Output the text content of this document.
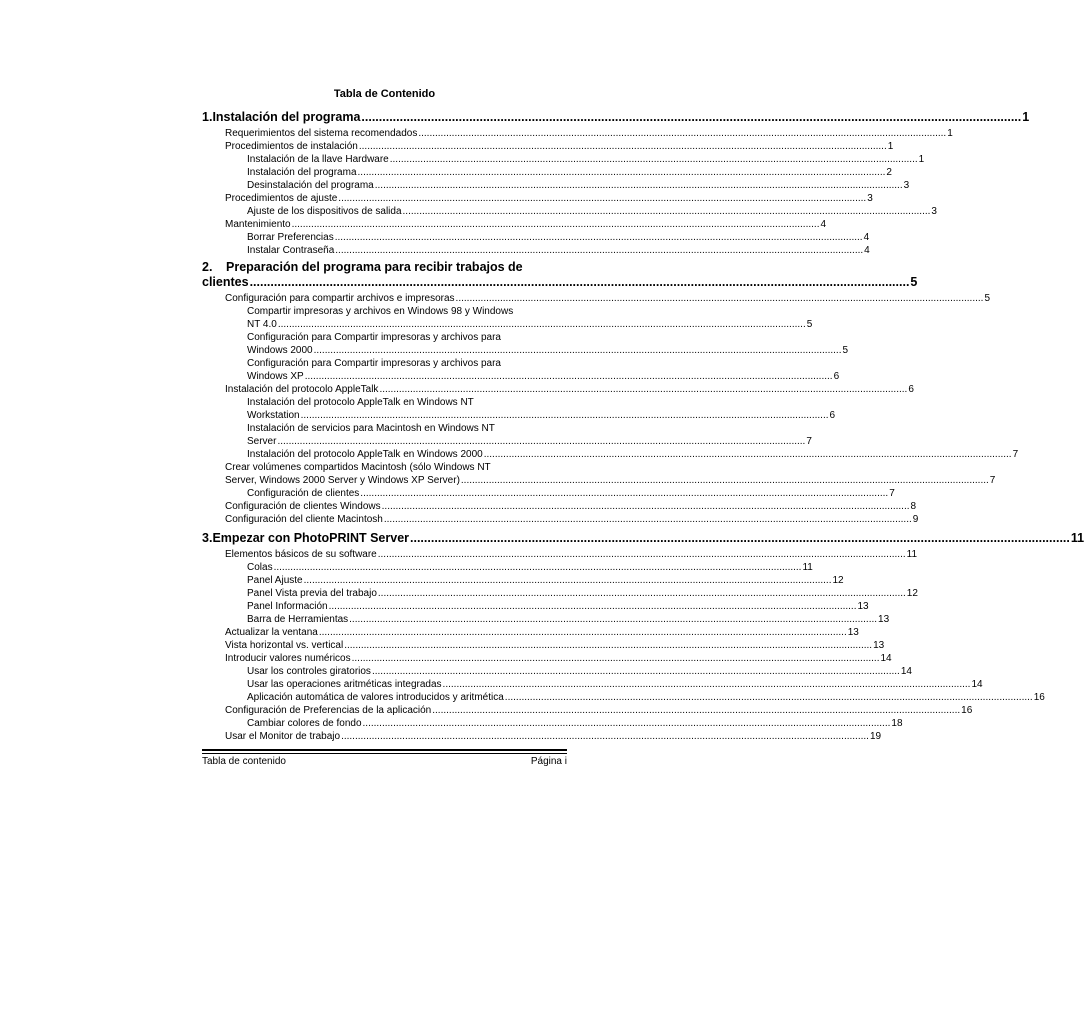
Tabla de Contenido
1. Instalación del programa .............................................................................................................................................................................................. 1
Requerimientos del sistema recomendados .............................................................................................................................................................................................. 1
Procedimientos de instalación .............................................................................................................................................................................................. 1
Instalación de la llave Hardware .............................................................................................................................................................................................. 1
Instalación del programa .............................................................................................................................................................................................. 2
Desinstalación del programa .............................................................................................................................................................................................. 3
Procedimientos de ajuste .............................................................................................................................................................................................. 3
Ajuste de los dispositivos de salida .............................................................................................................................................................................................. 3
Mantenimiento .............................................................................................................................................................................................. 4
Borrar Preferencias .............................................................................................................................................................................................. 4
Instalar Contraseña .............................................................................................................................................................................................. 4
2. Preparación del programa para recibir trabajos de
clientes .............................................................................................................................................................................................. 5
Configuración para compartir archivos e impresoras .............................................................................................................................................................................................. 5
Compartir impresoras y archivos en Windows 98 y Windows
NT 4.0 .............................................................................................................................................................................................. 5
Configuración para Compartir impresoras y archivos para
Windows 2000 .............................................................................................................................................................................................. 5
Configuración para Compartir impresoras y archivos para
Windows XP .............................................................................................................................................................................................. 6
Instalación del protocolo AppleTalk .............................................................................................................................................................................................. 6
Instalación del protocolo AppleTalk en Windows NT
Workstation .............................................................................................................................................................................................. 6
Instalación de servicios para Macintosh en Windows NT
Server .............................................................................................................................................................................................. 7
Instalación del protocolo AppleTalk en Windows 2000 .............................................................................................................................................................................................. 7
Crear volúmenes compartidos Macintosh (sólo Windows NT
Server, Windows 2000 Server y Windows XP Server) .............................................................................................................................................................................................. 7
Configuración de clientes .............................................................................................................................................................................................. 7
Configuración de clientes Windows .............................................................................................................................................................................................. 8
Configuración del cliente Macintosh .............................................................................................................................................................................................. 9
3. Empezar con PhotoPRINT Server .............................................................................................................................................................................................. 11
Elementos básicos de su software .............................................................................................................................................................................................. 11
Colas .............................................................................................................................................................................................. 11
Panel Ajuste .............................................................................................................................................................................................. 12
Panel Vista previa del trabajo .............................................................................................................................................................................................. 12
Panel Información .............................................................................................................................................................................................. 13
Barra de Herramientas .............................................................................................................................................................................................. 13
Actualizar la ventana .............................................................................................................................................................................................. 13
Vista horizontal vs. vertical .............................................................................................................................................................................................. 13
Introducir valores numéricos .............................................................................................................................................................................................. 14
Usar los controles giratorios .............................................................................................................................................................................................. 14
Usar las operaciones aritméticas integradas .............................................................................................................................................................................................. 14
Aplicación automática de valores introducidos y aritmética .............................................................................................................................................................................................. 16
Configuración de Preferencias de la aplicación .............................................................................................................................................................................................. 16
Cambiar colores de fondo .............................................................................................................................................................................................. 18
Usar el Monitor de trabajo .............................................................................................................................................................................................. 19
Tabla de contenido	Página i
